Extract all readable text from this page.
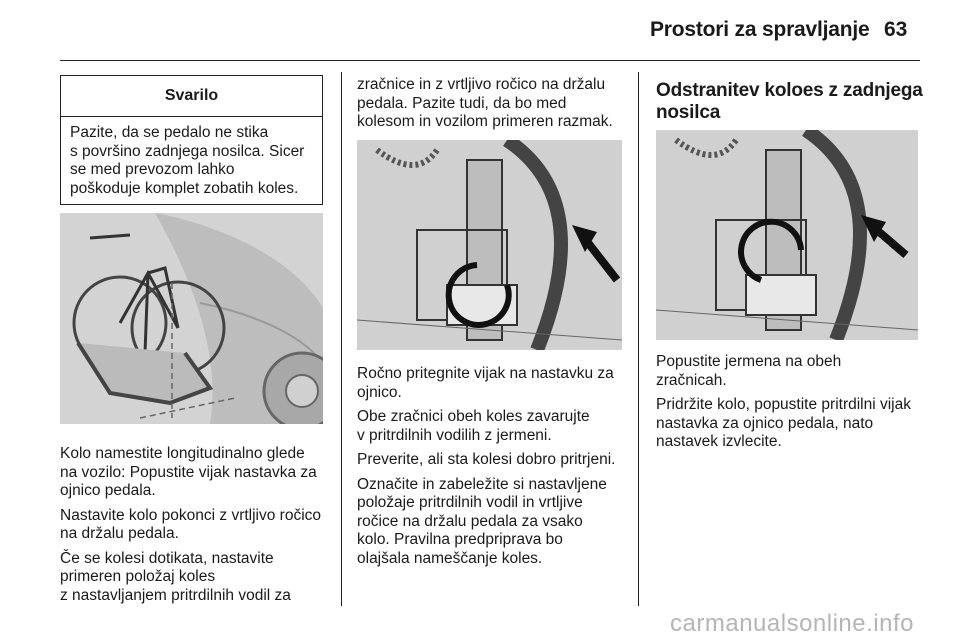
Prostori za spravljanje 63
Svarilo
Pazite, da se pedalo ne stika
s površino zadnjega nosilca. Sicer
se med prevozom lahko
poškoduje komplet zobatih koles.

Kolo namestite longitudinalno glede
na vozilo: Popustite vijak nastavka za
ojnico pedala.

Nastavite kolo pokonci z vrtljivo ročico
na držalu pedala.

Če se kolesi dotikata, nastavite
primeren položaj koles
z nastavljanjem pritrdilnih vodil za

zračnice in z vrtljivo ročico na držalu
pedala. Pazite tudi, da bo med
kolesom in vozilom primeren razmak.

Ročno pritegnite vijak na nastavku za
ojnico.

Obe zračnici obeh koles zavarujte
v pritrdilnih vodilih z jermeni.

Preverite, ali sta kolesi dobro pritrjeni.

Označite in zabeležite si nastavljene
položaje pritrdilnih vodil in vrtljive
ročice na držalu pedala za vsako
kolo. Pravilna predpriprava bo
olajšala nameščanje koles.

Odstranitev koloes z zadnjega
nosilca

Popustite jermena na obeh
zračnicah.

Pridržite kolo, popustite pritrdilni vijak
nastavka za ojnico pedala, nato
nastavek izvlecite.

carmanualsonline.info
